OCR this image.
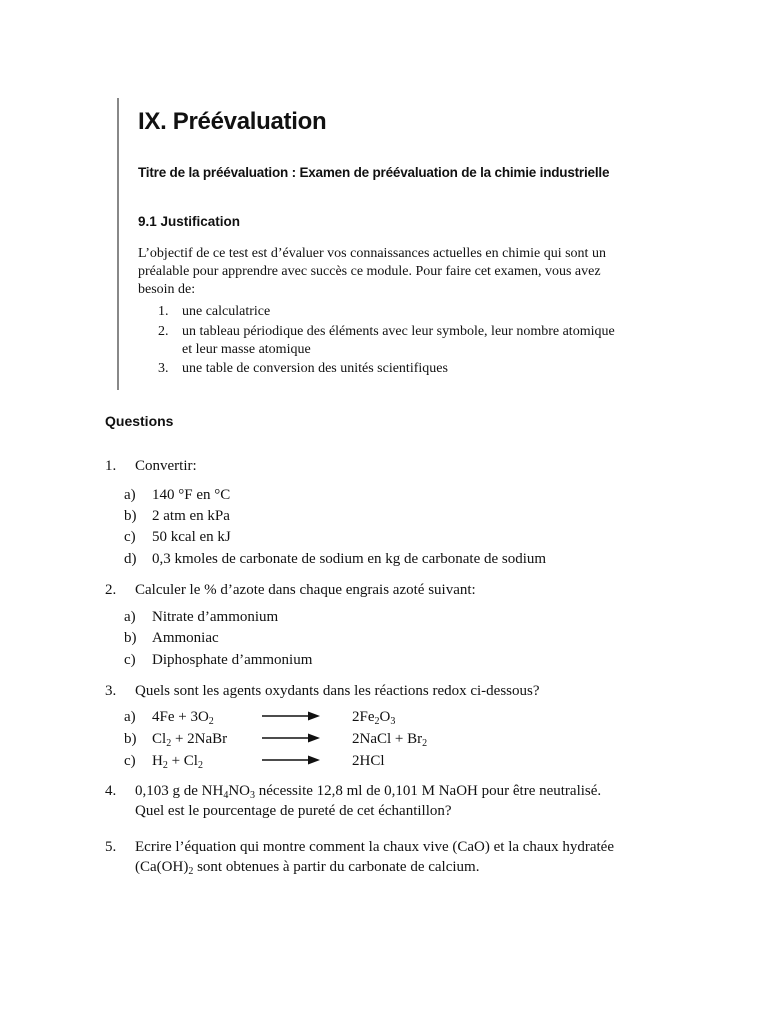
IX. Préévaluation
Titre de la préévaluation : Examen de préévaluation de la chimie industrielle
9.1 Justification
L’objectif de ce test est d’évaluer vos connaissances actuelles en chimie qui sont un
préalable pour apprendre avec succès ce module. Pour faire cet examen, vous avez
besoin de:
1. une calculatrice
2. un tableau périodique des éléments avec leur symbole, leur nombre atomique
et leur masse atomique
3. une table de conversion des unités scientifiques
Questions
1. Convertir:
a) 140 °F en °C
b) 2 atm en kPa
c) 50 kcal en kJ
d) 0,3 kmoles de carbonate de sodium en kg de carbonate de sodium
2. Calculer le % d’azote dans chaque engrais azoté suivant:
a) Nitrate d’ammonium
b) Ammoniac
c) Diphosphate d’ammonium
3. Quels sont les agents oxydants dans les réactions redox ci-dessous?
a) $4Fe + 3O_2$	$2Fe_2O_3$
b) $Cl_2$ + 2NaBr	2NaCl + $Br_2$
c) $H_2 + Cl_2$	2HCl
4. 0,103 g de $NH_4NO_3$ nécessite 12,8 ml de 0,101 M NaOH pour être neutralisé.
Quel est le pourcentage de pureté de cet échantillon?
5. Ecrire l’équation qui montre comment la chaux vive (CaO) et la chaux hydratée
($Ca(OH)_2$ sont obtenues à partir du carbonate de calcium.
